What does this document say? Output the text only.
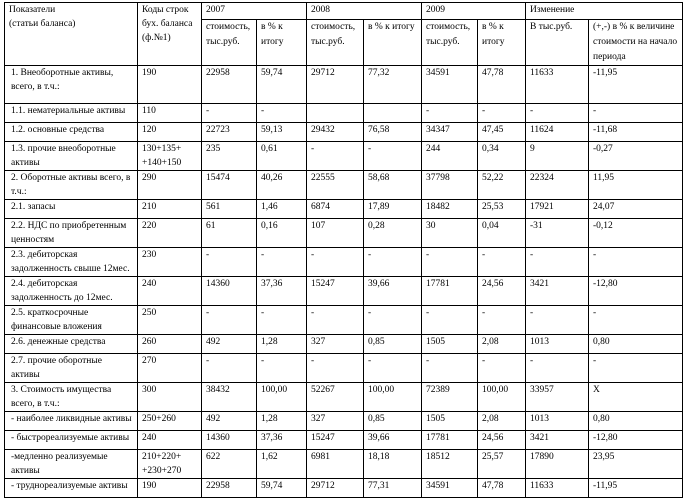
Показатели
(статьи баланса)	Коды строк бух. баланса (ф.№1)	2007		2008		2009		Изменение	
		стоимость, тыс.руб.	в % к итогу	стоимость, тыс.руб.	в % к итогу	стоимость, тыс.руб.	в % к итогу	В тыс.руб.	(+,-) в % к величине стоимости на начало периода
1. Внеоборотные активы, всего, в т.ч.:	190	22958	59,74	29712	77,32	34591	47,78	11633	-11,95
1.1. нематериальные активы	110	-	-			-	-	-	-
1.2. основные средства	120	22723	59,13	29432	76,58	34347	47,45	11624	-11,68
1.3. прочие внеоборотные активы	130+135+ +140+150	235	0,61	-	-	244	0,34	9	-0,27
2. Оборотные активы всего, в т.ч.:	290	15474	40,26	22555	58,68	37798	52,22	22324	11,95
2.1. запасы	210	561	1,46	6874	17,89	18482	25,53	17921	24,07
2.2. НДС по приобретенным ценностям	220	61	0,16	107	0,28	30	0,04	-31	-0,12
2.3. дебиторская задолженность свыше 12мес.	230	-	-	-	-	-	-	-	-
2.4. дебиторская задолженность до 12мес.	240	14360	37,36	15247	39,66	17781	24,56	3421	-12,80
2.5. краткосрочные финансовые вложения	250	-	-	-	-	-	-	-	-
2.6. денежные средства	260	492	1,28	327	0,85	1505	2,08	1013	0,80
2.7. прочие оборотные активы	270	-	-	-	-	-	-	-	-
3. Стоимость имущества всего, в т.ч.:	300	38432	100,00	52267	100,00	72389	100,00	33957	X
- наиболее ликвидные активы	250+260	492	1,28	327	0,85	1505	2,08	1013	0,80
- быстрореализуемые активы	240	14360	37,36	15247	39,66	17781	24,56	3421	-12,80
-медленно реализуемые активы	210+220+ +230+270	622	1,62	6981	18,18	18512	25,57	17890	23,95
- труднореализуемые активы	190	22958	59,74	29712	77,31	34591	47,78	11633	-11,95
